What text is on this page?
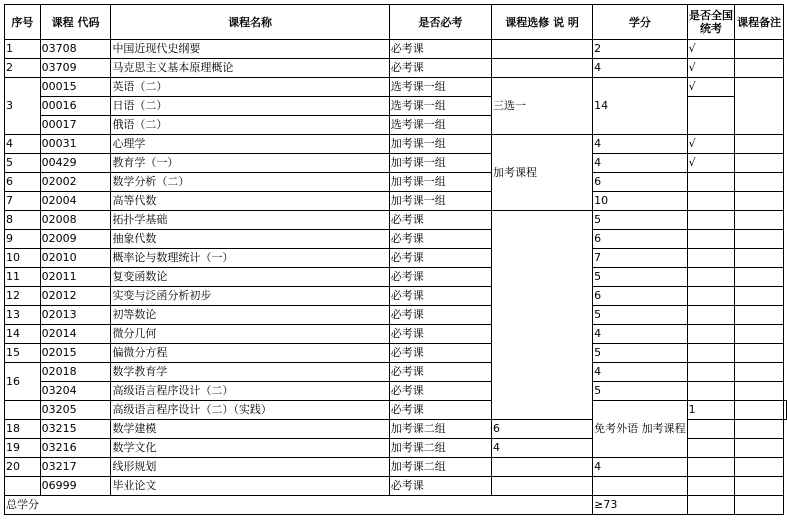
序号	课程 代码	课程名称	是否必考	课程选修 说 明	学分	是否全国统考	课程备注	
1	03708	中国近现代史纲要	必考课		2	√		
2	03709	马克思主义基本原理概论	必考课		4	√		
3	00015	英语（二）	选考课一组	三选一	14	√		
	00016	日语（二）	选考课一组					
	00017	俄语（二）	选考课一组					
4	00031	心理学	加考课一组	加考课程	4	√		
5	00429	教育学（一）	加考课一组		4	√		
6	02002	数学分析（二）	加考课一组		6			
7	02004	高等代数	加考课一组		10			
8	02008	拓扑学基础	必考课		5			
9	02009	抽象代数	必考课		6			
10	02010	概率论与数理统计（一）	必考课		7			
11	02011	复变函数论	必考课		5			
12	02012	实变与泛函分析初步	必考课		6			
13	02013	初等数论	必考课		5			
14	02014	微分几何	必考课		4			
15	02015	偏微分方程	必考课		5			
16	02018	数学教育学	必考课		4			
	03204	高级语言程序设计（二）	必考课		5			
	03205	高级语言程序设计（二）（实践）	必考课		免考外语 加考课程	1		
18	03215	数学建模	加考课二组	6				
19	03216	数学文化	加考课二组	4				
20	03217	线形规划	加考课二组		4			
	06999	毕业论文	必考课					
总学分					≥73			
